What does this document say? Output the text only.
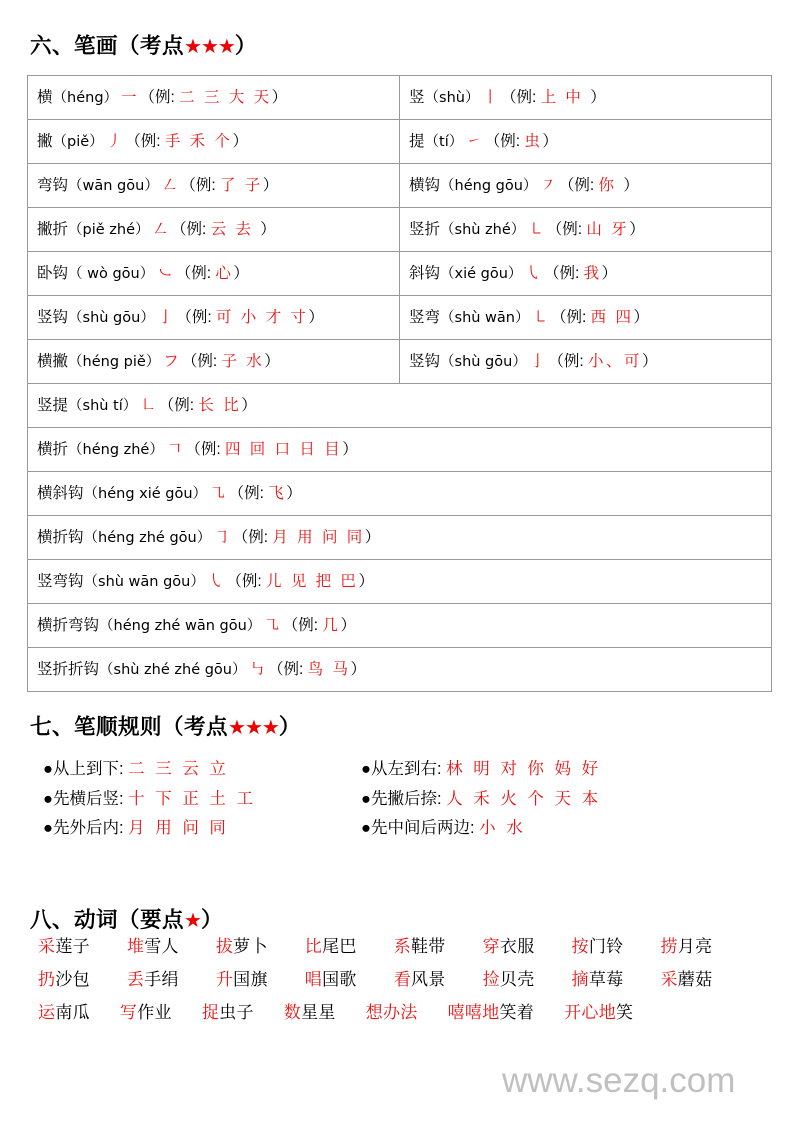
六、笔画（考点★★★）
横（héng） 一 （例: 二 三 大 天）	竖（shù） 丨 （例: 上 中 ）
撇（piě） 丿 （例: 手 禾 个）	提（tí） ㇀ （例: 虫）
弯钩（wān gōu） ㇜ （例: 了 子）	横钩（héng gōu） ㇇ （例: 你 ）
撇折（piě zhé） ㇜ （例: 云 去 ）	竖折（shù zhé） ㇄ （例: 山 牙）
卧钩（ wò gōu） ㇃ （例: 心）	斜钩（xié gōu） ㇂ （例: 我）
竖钩（shù gōu） 亅 （例: 可 小 才 寸）	竖弯（shù wān） ㇄ （例: 西 四）
横撇（héng piě） フ （例: 子 水）	竖钩（shù gōu） 亅 （例: 小、可）
竖提（shù tí） ㇗ （例: 长 比）	
横折（héng zhé） 𠃍 （例: 四 回 口 日 目）	
横斜钩（héng xié gōu） ㇈ （例: 飞）	
横折钩（héng zhé gōu） ㇆ （例: 月 用 问 同）	
竖弯钩（shù wān gōu） ㇂ （例: 儿 见 把 巴）	
横折弯钩（héng zhé wān gōu） ㇈ （例: 几）	
竖折折钩（shù zhé zhé gōu） ㇉ （例: 鸟 马）	
七、笔顺规则（考点★★★）
●从上到下: 二 三 云 立	●从左到右: 林 明 对 你 妈 好
●先横后竖: 十 下 正 土 工	●先撇后捺: 人 禾 火 个 天 本
●先外后内: 月 用 问 同	●先中间后两边: 小 水
八、动词（要点★）
采莲子 堆雪人 拔萝卜 比尾巴 系鞋带 穿衣服 按门铃 捞月亮
扔沙包 丢手绢 升国旗 唱国歌 看风景 捡贝壳 摘草莓 采蘑菇
运南瓜 写作业 捉虫子 数星星 想办法 嘻嘻地笑着 开心地笑
www.sezq.com
